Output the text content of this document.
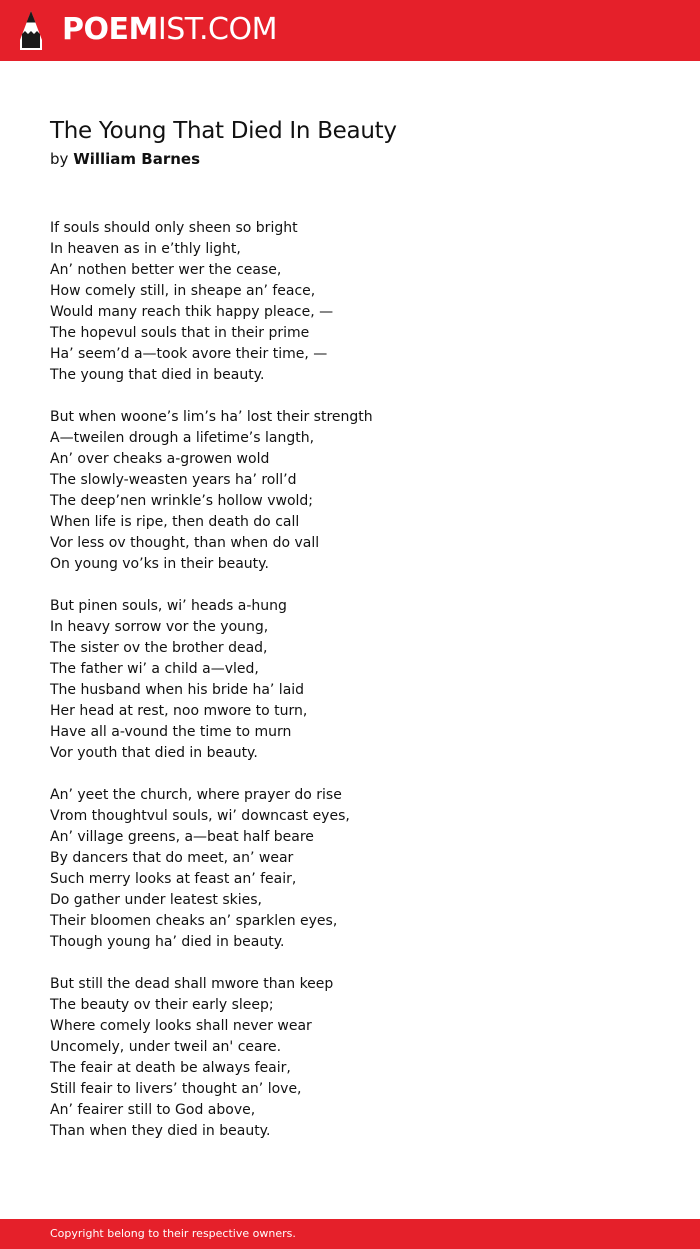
POEMIST.COM
The Young That Died In Beauty
by William Barnes
If souls should only sheen so bright
In heaven as in e’thly light,
An’ nothen better wer the cease,
How comely still, in sheape an’ feace,
Would many reach thik happy pleace, —
The hopevul souls that in their prime
Ha’ seem’d a—took avore their time, —
The young that died in beauty.
But when woone’s lim’s ha’ lost their strength
A—tweilen drough a lifetime’s langth,
An’ over cheaks a-growen wold
The slowly-weasten years ha’ roll’d
The deep’nen wrinkle’s hollow vwold;
When life is ripe, then death do call
Vor less ov thought, than when do vall
On young vo’ks in their beauty.
But pinen souls, wi’ heads a-hung
In heavy sorrow vor the young,
The sister ov the brother dead,
The father wi’ a child a—vled,
The husband when his bride ha’ laid
Her head at rest, noo mwore to turn,
Have all a-vound the time to murn
Vor youth that died in beauty.
An’ yeet the church, where prayer do rise
Vrom thoughtvul souls, wi’ downcast eyes,
An’ village greens, a—beat half beare
By dancers that do meet, an’ wear
Such merry looks at feast an’ feair,
Do gather under leatest skies,
Their bloomen cheaks an’ sparklen eyes,
Though young ha’ died in beauty.
But still the dead shall mwore than keep
The beauty ov their early sleep;
Where comely looks shall never wear
Uncomely, under tweil an' ceare.
The feair at death be always feair,
Still feair to livers’ thought an’ love,
An’ feairer still to God above,
Than when they died in beauty.
Copyright belong to their respective owners.
